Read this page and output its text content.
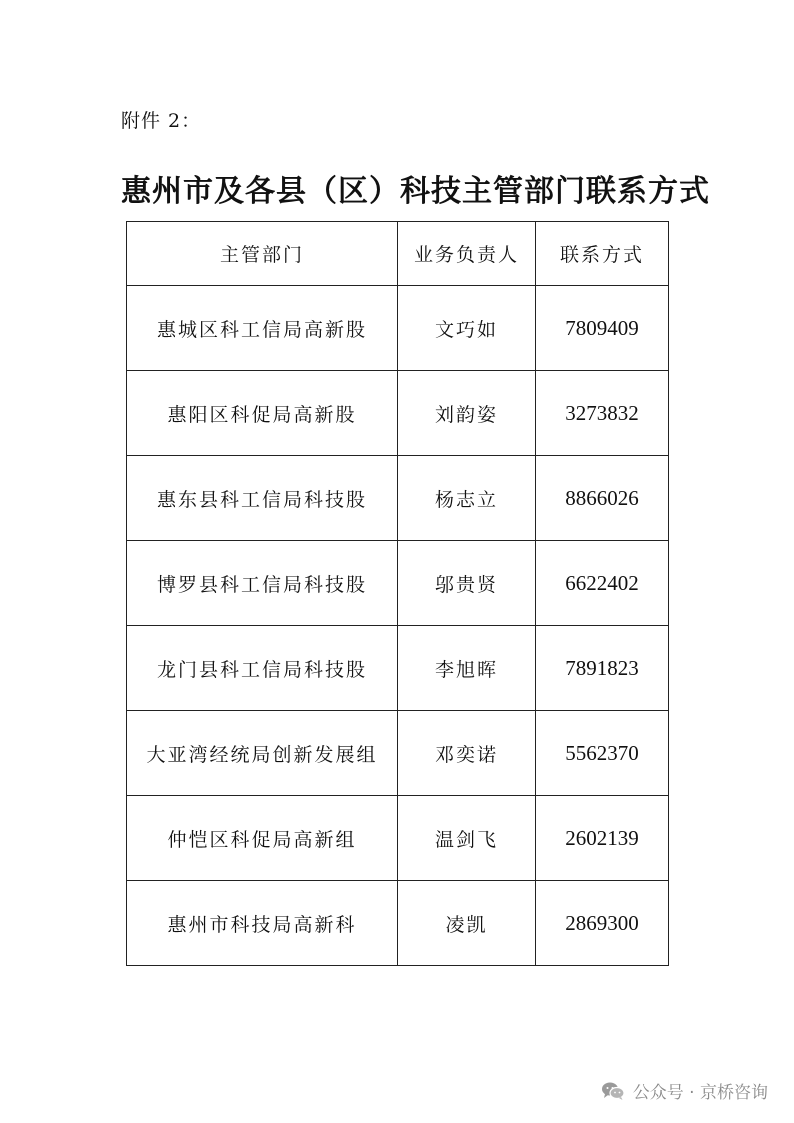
附件 2：
惠州市及各县（区）科技主管部门联系方式
主管部门	业务负责人	联系方式
惠城区科工信局高新股	文巧如	7809409
惠阳区科促局高新股	刘韵姿	3273832
惠东县科工信局科技股	杨志立	8866026
博罗县科工信局科技股	邬贵贤	6622402
龙门县科工信局科技股	李旭晖	7891823
大亚湾经统局创新发展组	邓奕诺	5562370
仲恺区科促局高新组	温剑飞	2602139
惠州市科技局高新科	凌凯	2869300
公众号 · 京桥咨询
